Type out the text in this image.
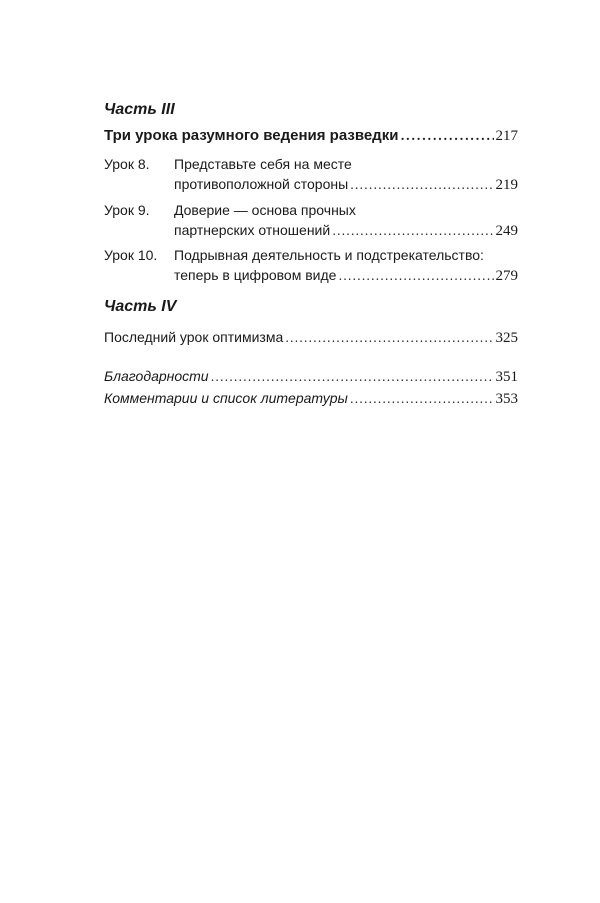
Часть III
Три урока разумного ведения разведки . . .	217
Урок 8. Представьте себя на месте
противоположной стороны . . .	219
Урок 9. Доверие — основа прочных
партнерских отношений . . .	249
Урок 10. Подрывная деятельность и подстрекательство:
теперь в цифровом виде . . .	279
Часть IV
Последний урок оптимизма . . .	325
Благодарности . . .	351
Комментарии и список литературы . . .	353
